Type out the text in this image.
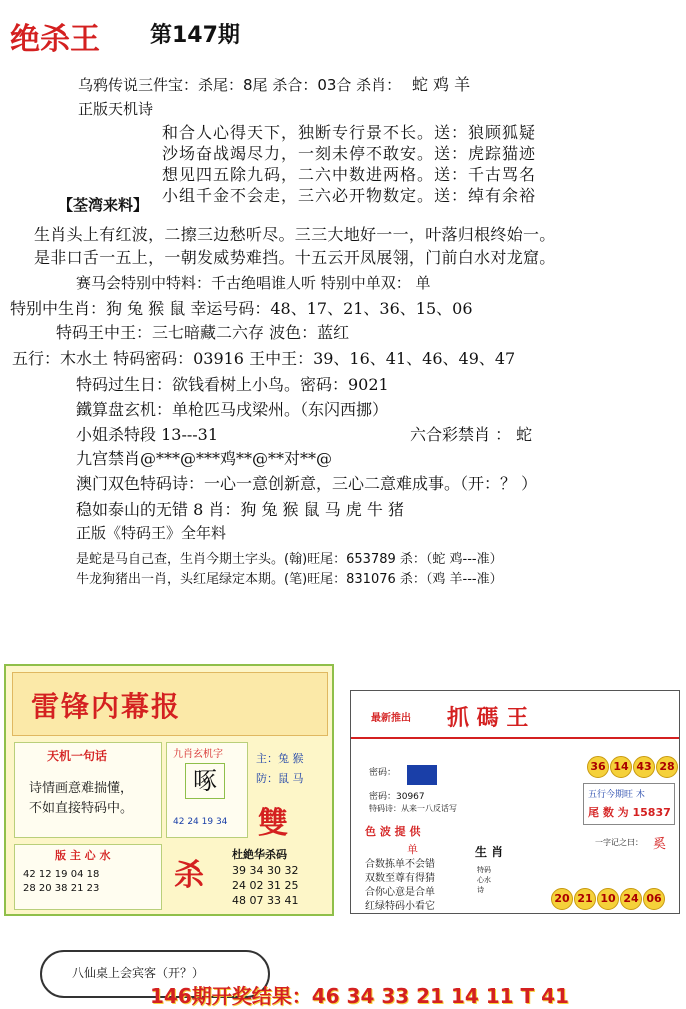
绝杀王 第147期
乌鸦传说三件宝：杀尾：8尾 杀合：03合 杀肖： 蛇 鸡 羊
正版天机诗
和合人心得天下，独断专行景不长。送：狼顾狐疑
沙场奋战竭尽力，一刻未停不敢安。送：虎踪猫迹
想见四五除九码，二六中数进两格。送：千古骂名
小组千金不会走，三六必开物数定。送：绰有余裕
【荃湾来料】
生肖头上有红波，二擦三边愁听尽。三三大地好一一，叶落归根终始一。
是非口舌一五上，一朝发威势难挡。十五云开凤展翎，门前白水对龙窟。
赛马会特别中特料：千古绝唱谁人听 特别中单双： 单
特别中生肖：狗 兔 猴 鼠 幸运号码：48、17、21、36、15、06
特码王中王：三七暗藏二六存 波色：蓝红
五行：木水土 特码密码：03916 王中王：39、16、41、46、49、47
特码过生日：欲钱看树上小鸟。密码：9021
鐵算盘玄机：单枪匹马戌梁州。（东闪西挪）
小姐杀特段 13---31	六合彩禁肖 ： 蛇
九宫禁肖@***@***鸡**@**对**@
澳门双色特码诗：一心一意创新意，三心二意难成事。（开：？ ）
稳如泰山的无错 8 肖：狗 兔 猴 鼠 马 虎 牛 猪
正版《特码王》全年料
是蛇是马自己查，生肖今期土字头。(翰)旺尾：653789 杀：（蛇 鸡---准）
牛龙狗猪出一肖，头红尾绿定本期。(笔)旺尾：831076 杀：（鸡 羊---准）
雷锋内幕报
天机一句话
诗情画意难揣懂，
不如直接特码中。
九肖玄机字
啄
42 24 19 34
主：兔 猴
防：鼠 马
雙
版 主 心 水
42 12 19 04 18
28 20 38 21 23 杀
杜絶华杀码
39 34 30 32
24 02 31 25
48 07 33 41
最新推出 抓 碼 王
密码：
密码：30967
特码诗：从来一八反话写
36 14 43 28
五行今期旺 木
尾 数 为 15837
色 波 提 供
单	生 肖
特码心水诗
合数拣单不会错
双数至尊有得猜
合你心意是合单
红绿特码小看它
一字记之曰： 奚
20 21 10 24 06
八仙桌上会宾客（开？）
146期开奖结果：46 34 33 21 14 11 T 41
